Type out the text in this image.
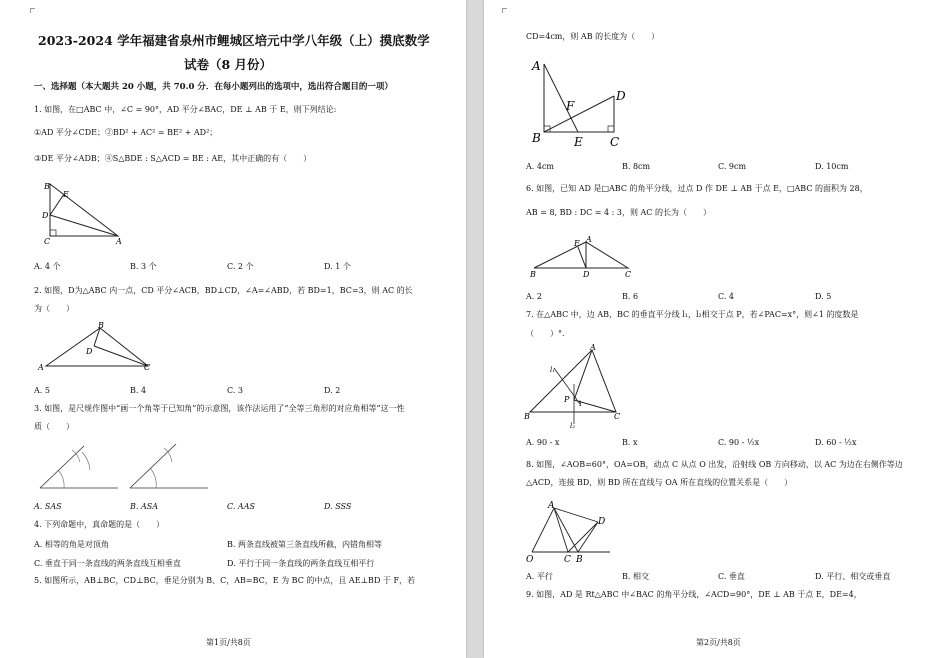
2023-2024 学年福建省泉州市鲤城区培元中学八年级（上）摸底数学
试卷（8 月份）
一、选择题（本大题共 20 小题，共 70.0 分．在每小题列出的选项中，选出符合题目的一项）
1. 如图，在□ABC 中，∠C = 90°，AD 平分∠BAC，DE ⊥ AB 于 E，则下列结论:
①AD 平分∠CDE；②BD² + AC² = BE² + AD²；
③DE 平分∠ADB；④S△BDE : S△ACD = BE : AE，其中正确的有（　　）
B
E
D
C	A
A. 4 个	B. 3 个	C. 2 个	D. 1 个
2. 如图，D为△ABC 内一点，CD 平分∠ACB，BD⊥CD，∠A=∠ABD，若 BD=1，BC=3，则 AC 的长
为（　　）
B
D
A	C
A. 5	B. 4	C. 3	D. 2
3. 如图，是尺规作图中“画一个角等于已知角”的示意图，该作法运用了“全等三角形的对应角相等”这一性
质（　　）
A. SAS	B. ASA	C. AAS	D. SSS
4. 下列命题中，真命题的是（　　）
A. 相等的角是对顶角	B. 两条直线被第三条直线所截，内错角相等
C. 垂直于同一条直线的两条直线互相垂直	D. 平行于同一条直线的两条直线互相平行
5. 如图所示，AB⊥BC，CD⊥BC，垂足分别为 B、C，AB=BC，E 为 BC 的中点，且 AE⊥BD 于 F，若
第1页/共8页
CD=4cm，则 AB 的长度为（　　）
A
F
D
B	E C
A. 4cm	B. 8cm	C. 9cm	D. 10cm
6. 如图，已知 AD 是□ABC 的角平分线，过点 D 作 DE ⊥ AB 于点 E，□ABC 的面积为 28，
AB = 8, BD : DC = 4 : 3，则 AC 的长为（　　）
A
E
B	D	C
A. 2	B. 6	C. 4	D. 5
7. 在△ABC 中，边 AB，BC 的垂直平分线 l₁，l₂相交于点 P，若∠PAC=x°，则∠1 的度数是
（　　）°．
A
l₁
P 1
B	C
l₂
A. 90 - x	B. x	C. 90 - ½x	D. 60 - ½x
8. 如图，∠AOB=60°，OA=OB，动点 C 从点 O 出发，沿射线 OB 方向移动，以 AC 为边在右侧作等边
△ACD，连接 BD，则 BD 所在直线与 OA 所在直线的位置关系是（　　）
A
D
O	C B
A. 平行	B. 相交	C. 垂直	D. 平行、相交或垂直
9. 如图，AD 是 Rt△ABC 中∠BAC 的角平分线，∠ACD=90°，DE ⊥ AB 于点 E，DE=4，
第2页/共8页
